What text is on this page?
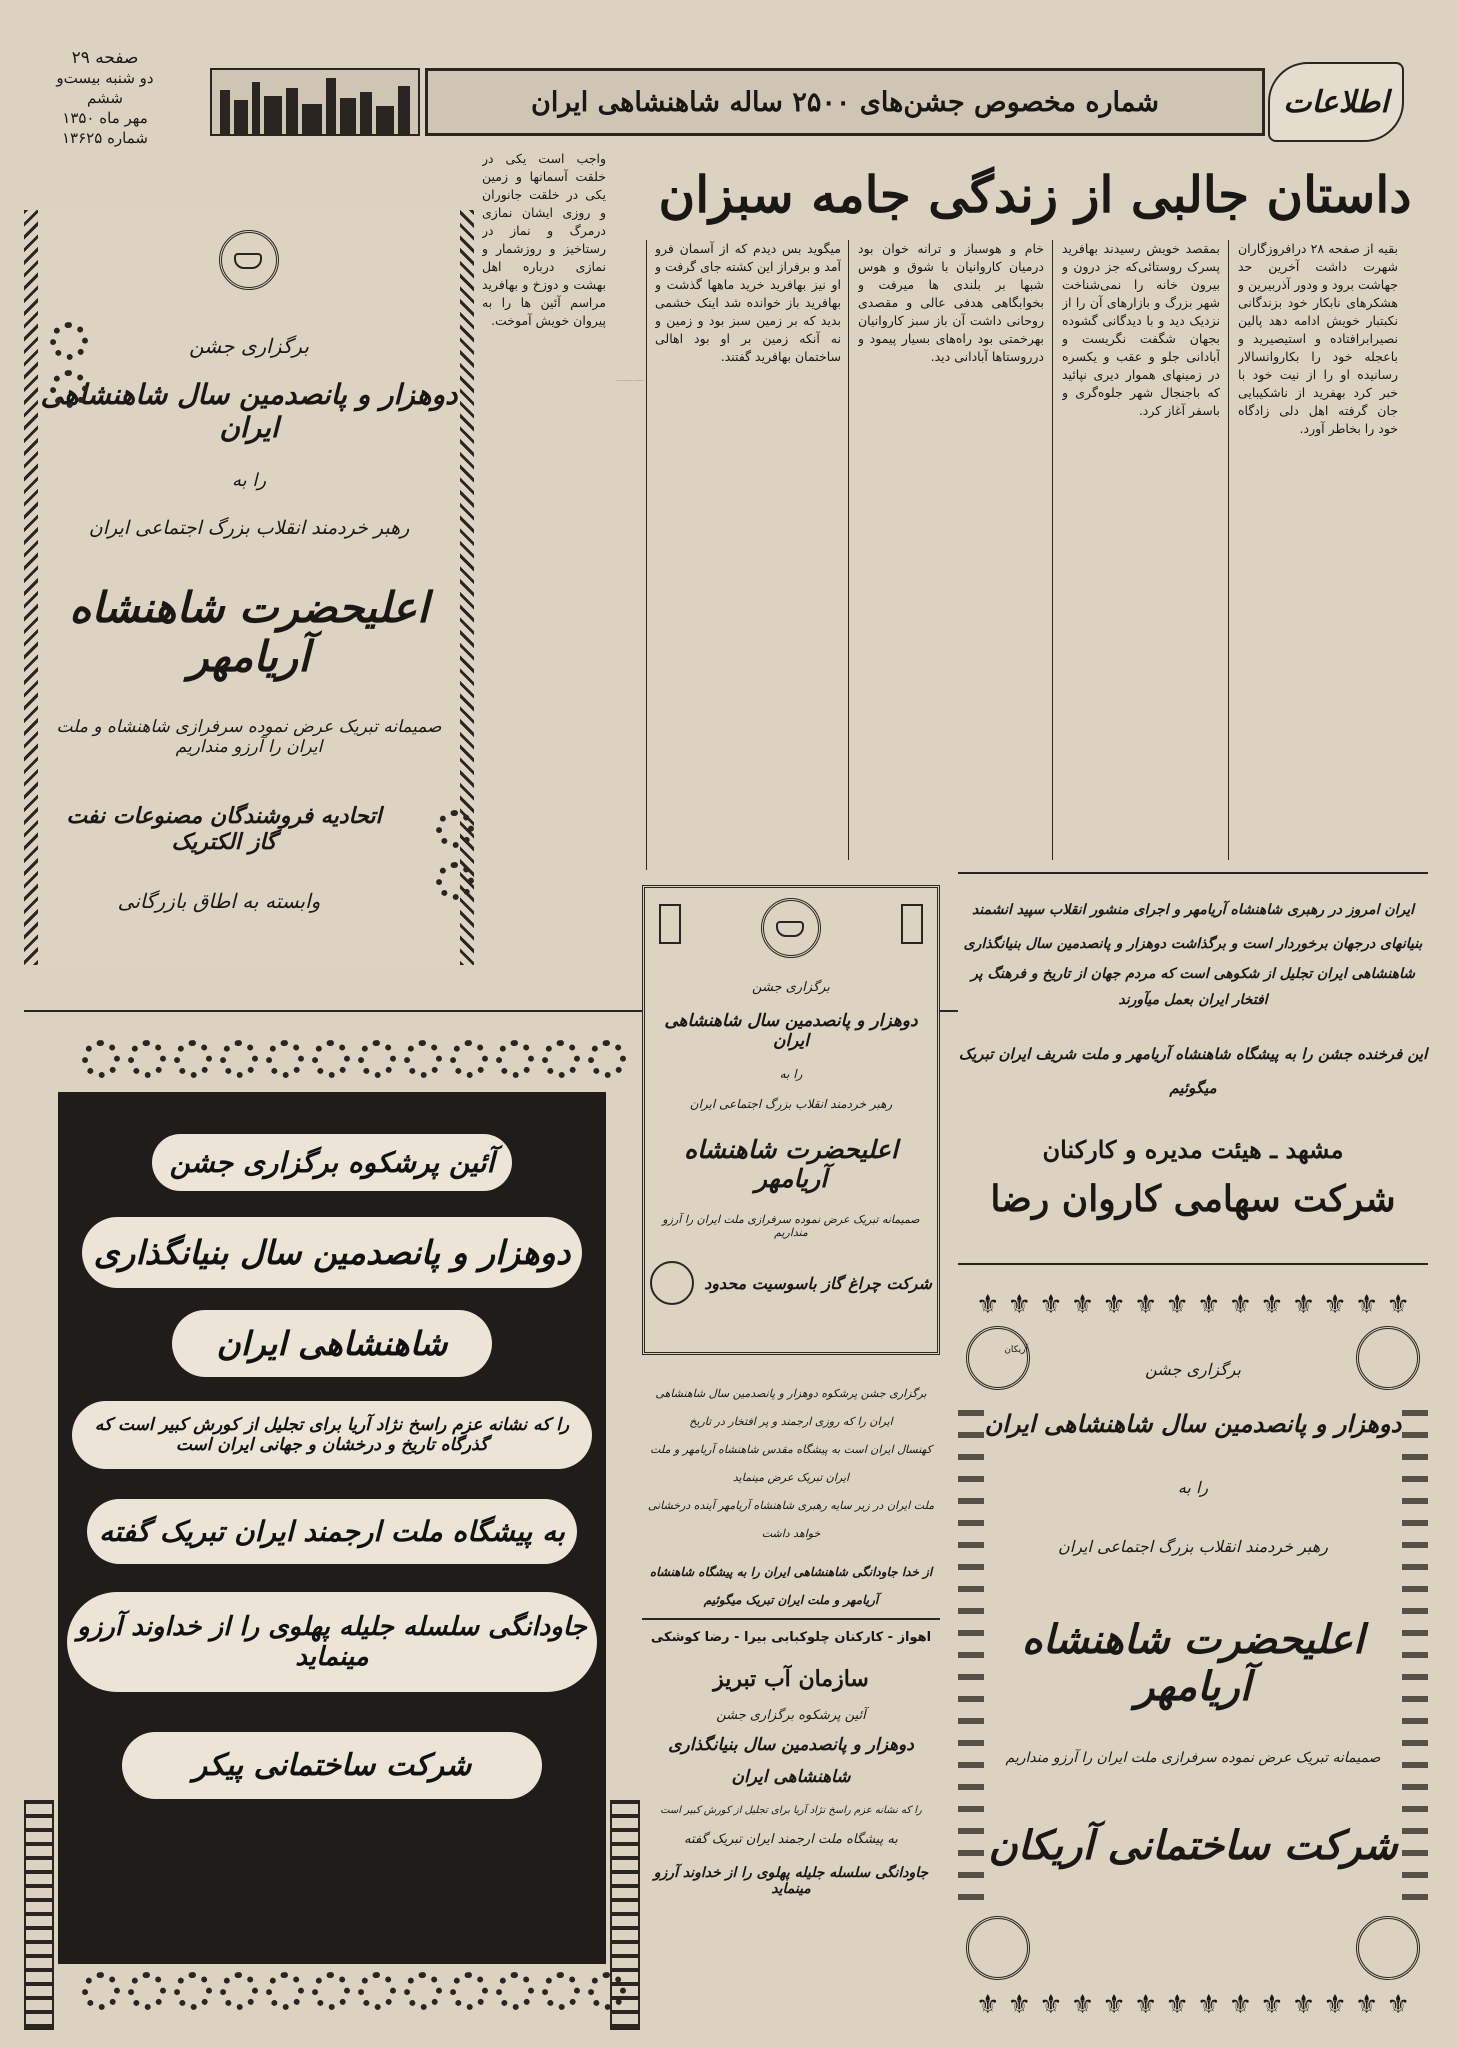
صفحه ۲۹
دو شنبه بیست‌و ششم
مهر ماه ۱۳۵۰
شماره ۱۳۶۲۵
شماره مخصوص جشن‌های ۲۵۰۰ ساله شاهنشاهی ایران	اطلاعات

برگزاری جشن
دوهزار و پانصدمین سال شاهنشاهی ایران
را به
رهبر خردمند انقلاب بزرگ اجتماعی ایران
اعلیحضرت شاهنشاه آریامهر
صمیمانه تبریک عرض نموده سرفرازی شاهنشاه و ملت ایران را آرزو منداریم
اتحادیه فروشندگان مصنوعات نفت گاز الکتریک
وابسته به اطاق بازرگانی

واجب است یکی در خلقت آسمانها و زمین یکی در خلقت جانوران و روزی ایشان نمازی درمرگ و نماز در رستاخیز و روزشمار و نمازی درباره اهل بهشت و دوزخ و بهافرید مراسم آئین ها را به پیروان خویش آموخت.

داستان جالبی از زندگی جامه سبزان

بقیه از صفحه ۲۸ درافروزگاران شهرت داشت آخرین حد جهاشت برود و ودور آذربیرین و هشکرهای نابکار خود بزندگانی نکبتبار خویش ادامه دهد پالین نصیرابرافتاده و استیصیرید و باعجله خود را بکاروانسالار رسانیده او را از نیت خود با خبر کرد بهفرید از ناشکیبایی جان گرفته اهل دلی زادگاه خود را بخاطر آورد.

بمقصد خویش رسیدند بهافرید پسرک روستائی‌که جز درون و بیرون خانه را نمی‌شناخت شهر بزرگ و بازارهای آن را از نزدیک دید و با دیدگانی گشوده بجهان شگفت نگریست و آبادانی جلو و عقب و یکسره در زمینهای هموار دیری نپائید که باجنجال شهر جلوه‌گری و باسفر آغاز کرد.

خام و هوسباز و ترانه خوان بود درمیان کاروانیان با شوق و هوس شبها بر بلندی ها میرفت و بخوابگاهی هدفی عالی و مقصدی روحانی داشت آن باز سبز کاروانیان بهرخمتی بود راه‌های بسیار پیمود و درروستاها آبادانی دید.

میگوید بس دیدم که از آسمان فرو آمد و برفراز این کشته جای گرفت و او نیز بهافرید خرید ماهها گذشت و بهافرید باز خوانده شد اینک خشمی بدید که بر زمین سبز بود و زمین و نه آنکه زمین بر او بود اهالی ساختمان بهافرید گفتند.

رمزیه کردن در موقع غیظ با واجگیری و خشمی حیوانات راه‌گذار

آئین پرشکوه برگزاری جشن
دوهزار و پانصدمین سال بنیانگذاری
شاهنشاهی ایران
را که نشانه عزم راسخ نژاد آریا برای تجلیل از کورش کبیر است که گذرگاه تاریخ و درخشان و جهانی ایران است
به پیشگاه ملت ارجمند ایران تبریک گفته
جاودانگی سلسله جلیله پهلوی را از خداوند آرزو مینماید
شرکت ساختمانی پیکر
برگزاری جشن
دوهزار و پانصدمین سال شاهنشاهی ایران
را به
رهبر خردمند انقلاب بزرگ اجتماعی ایران
اعلیحضرت شاهنشاه آریامهر
صمیمانه تبریک عرض نموده سرفرازی ملت ایران را آرزو منداریم
شرکت چراغ گاز باسوسیت محدود
برگزاری جشن پرشکوه دوهزار و پانصدمین سال شاهنشاهی ایران را که روزی ارجمند و پر افتخار در تاریخ
کهنسال ایران است به پیشگاه مقدس شاهنشاه آریامهر و ملت ایران تبریک عرض مینماید
ملت ایران در زیر سایه رهبری شاهنشاه آریامهر آینده درخشانی خواهد داشت
از خدا جاودانگی شاهنشاهی ایران را به پیشگاه شاهنشاه آریامهر و ملت ایران تبریک میگوئیم
اهواز - کارکنان چلوکبابی بیرا - رضا کوشکی
سازمان آب تبریز
آئین پرشکوه برگزاری جشن
دوهزار و پانصدمین سال بنیانگذاری
شاهنشاهی ایران
را که نشانه عزم راسخ نژاد آریا برای تجلیل از کورش کبیر است
به پیشگاه ملت ارجمند ایران تبریک گفته
جاودانگی سلسله جلیله پهلوی را از خداوند آرزو مینماید
ایران امروز در رهبری شاهنشاه آریامهر و اجرای منشور انقلاب سپید انشمند
بنیانهای درجهان برخوردار است و برگذاشت دوهزار و پانصدمین سال بنیانگذاری
شاهنشاهی ایران تجلیل از شکوهی است که مردم جهان از تاریخ و فرهنگ پر افتخار ایران بعمل میآورند
این فرخنده جشن را به پیشگاه شاهنشاه آریامهر و ملت شریف ایران تبریک میگوئیم
مشهد ـ هیئت مدیره و کارکنان
شرکت سهامی کاروان رضا
⚜ ⚜ ⚜ ⚜ ⚜ ⚜ ⚜ ⚜ ⚜ ⚜ ⚜ ⚜ ⚜ ⚜
آریکان
برگزاری جشن
دوهزار و پانصدمین سال شاهنشاهی ایران
را به
رهبر خردمند انقلاب بزرگ اجتماعی ایران
اعلیحضرت شاهنشاه آریامهر
صمیمانه تبریک عرض نموده سرفرازی ملت ایران را آرزو منداریم
شرکت ساختمانی آریکان
⚜ ⚜ ⚜ ⚜ ⚜ ⚜ ⚜ ⚜ ⚜ ⚜ ⚜ ⚜ ⚜ ⚜
